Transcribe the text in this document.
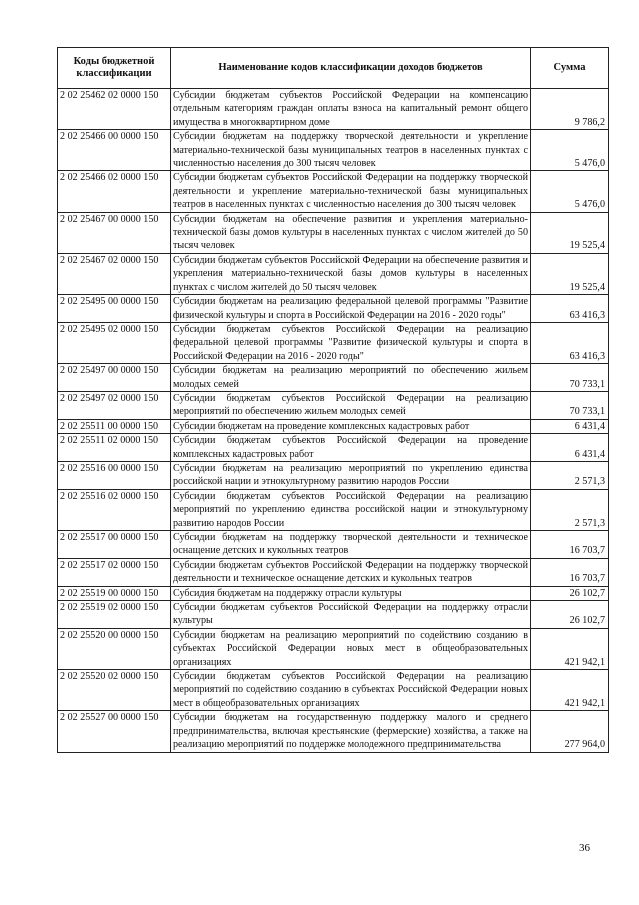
Коды бюджетной классификации	Наименование кодов классификации доходов бюджетов	Сумма
2 02 25462 02 0000 150	Субсидии бюджетам субъектов Российской Федерации на компенсацию отдельным категориям граждан оплаты взноса на капитальный ремонт общего имущества в многоквартирном доме	9 786,2
2 02 25466 00 0000 150	Субсидии бюджетам на поддержку творческой деятельности и укрепление материально-технической базы муниципальных театров в населенных пунктах с численностью населения до 300 тысяч человек	5 476,0
2 02 25466 02 0000 150	Субсидии бюджетам субъектов Российской Федерации на поддержку творческой деятельности и укрепление материально-технической базы муниципальных театров в населенных пунктах с численностью населения до 300 тысяч человек	5 476,0
2 02 25467 00 0000 150	Субсидии бюджетам на обеспечение развития и укрепления материально-технической базы домов культуры в населенных пунктах с числом жителей до 50 тысяч человек	19 525,4
2 02 25467 02 0000 150	Субсидии бюджетам субъектов Российской Федерации на обеспечение развития и укрепления материально-технической базы домов культуры в населенных пунктах с числом жителей до 50 тысяч человек	19 525,4
2 02 25495 00 0000 150	Субсидии бюджетам на реализацию федеральной целевой программы "Развитие физической культуры и спорта в Российской Федерации на 2016 - 2020 годы"	63 416,3
2 02 25495 02 0000 150	Субсидии бюджетам субъектов Российской Федерации на реализацию федеральной целевой программы "Развитие физической культуры и спорта в Российской Федерации на 2016 - 2020 годы"	63 416,3
2 02 25497 00 0000 150	Субсидии бюджетам на реализацию мероприятий по обеспечению жильем молодых семей	70 733,1
2 02 25497 02 0000 150	Субсидии бюджетам субъектов Российской Федерации на реализацию мероприятий по обеспечению жильем молодых семей	70 733,1
2 02 25511 00 0000 150	Субсидии бюджетам на проведение комплексных кадастровых работ	6 431,4
2 02 25511 02 0000 150	Субсидии бюджетам субъектов Российской Федерации на проведение комплексных кадастровых работ	6 431,4
2 02 25516 00 0000 150	Субсидии бюджетам на реализацию мероприятий по укреплению единства российской нации и этнокультурному развитию народов России	2 571,3
2 02 25516 02 0000 150	Субсидии бюджетам субъектов Российской Федерации на реализацию мероприятий по укреплению единства российской нации и этнокультурному развитию народов России	2 571,3
2 02 25517 00 0000 150	Субсидии бюджетам на поддержку творческой деятельности и техническое оснащение детских и кукольных театров	16 703,7
2 02 25517 02 0000 150	Субсидии бюджетам субъектов Российской Федерации на поддержку творческой деятельности и техническое оснащение детских и кукольных театров	16 703,7
2 02 25519 00 0000 150	Субсидия бюджетам на поддержку отрасли культуры	26 102,7
2 02 25519 02 0000 150	Субсидии бюджетам субъектов Российской Федерации на поддержку отрасли культуры	26 102,7
2 02 25520 00 0000 150	Субсидии бюджетам на реализацию мероприятий по содействию созданию в субъектах Российской Федерации новых мест в общеобразовательных организациях	421 942,1
2 02 25520 02 0000 150	Субсидии бюджетам субъектов Российской Федерации на реализацию мероприятий по содействию созданию в субъектах Российской Федерации новых мест в общеобразовательных организациях	421 942,1
2 02 25527 00 0000 150	Субсидии бюджетам на государственную поддержку малого и среднего предпринимательства, включая крестьянские (фермерские) хозяйства, а также на реализацию мероприятий по поддержке молодежного предпринимательства	277 964,0
36
